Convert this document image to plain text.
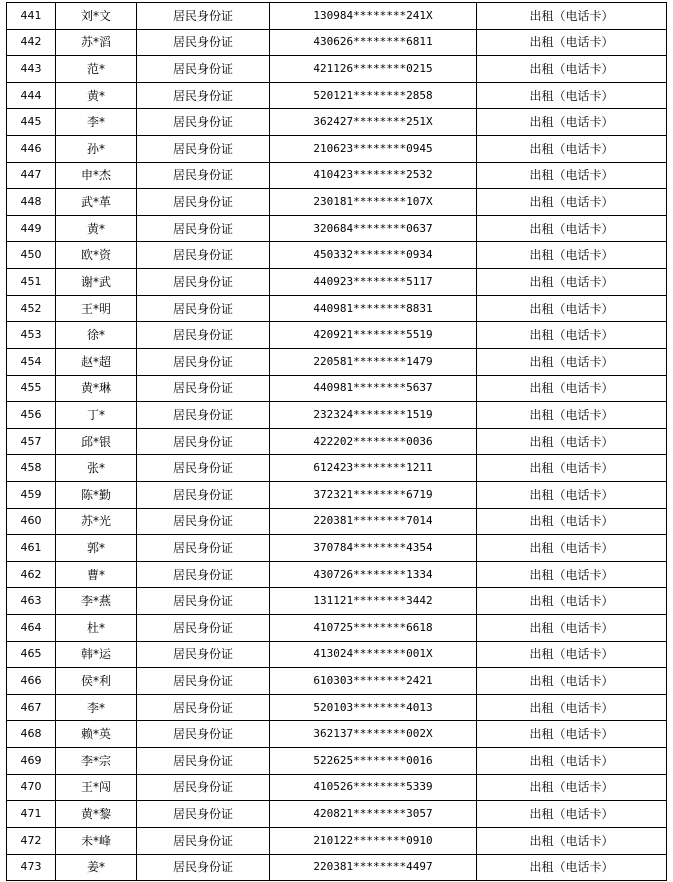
441	刘*文	居民身份证	130984********241X	出租（电话卡）
442	苏*滔	居民身份证	430626********6811	出租（电话卡）
443	范*	居民身份证	421126********0215	出租（电话卡）
444	黄*	居民身份证	520121********2858	出租（电话卡）
445	李*	居民身份证	362427********251X	出租（电话卡）
446	孙*	居民身份证	210623********0945	出租（电话卡）
447	申*杰	居民身份证	410423********2532	出租（电话卡）
448	武*革	居民身份证	230181********107X	出租（电话卡）
449	黄*	居民身份证	320684********0637	出租（电话卡）
450	欧*资	居民身份证	450332********0934	出租（电话卡）
451	谢*武	居民身份证	440923********5117	出租（电话卡）
452	王*明	居民身份证	440981********8831	出租（电话卡）
453	徐*	居民身份证	420921********5519	出租（电话卡）
454	赵*超	居民身份证	220581********1479	出租（电话卡）
455	黄*琳	居民身份证	440981********5637	出租（电话卡）
456	丁*	居民身份证	232324********1519	出租（电话卡）
457	邱*银	居民身份证	422202********0036	出租（电话卡）
458	张*	居民身份证	612423********1211	出租（电话卡）
459	陈*勤	居民身份证	372321********6719	出租（电话卡）
460	苏*光	居民身份证	220381********7014	出租（电话卡）
461	郭*	居民身份证	370784********4354	出租（电话卡）
462	曹*	居民身份证	430726********1334	出租（电话卡）
463	李*燕	居民身份证	131121********3442	出租（电话卡）
464	杜*	居民身份证	410725********6618	出租（电话卡）
465	韩*运	居民身份证	413024********001X	出租（电话卡）
466	侯*利	居民身份证	610303********2421	出租（电话卡）
467	李*	居民身份证	520103********4013	出租（电话卡）
468	赖*英	居民身份证	362137********002X	出租（电话卡）
469	李*宗	居民身份证	522625********0016	出租（电话卡）
470	王*闯	居民身份证	410526********5339	出租（电话卡）
471	黄*黎	居民身份证	420821********3057	出租（电话卡）
472	未*峰	居民身份证	210122********0910	出租（电话卡）
473	姜*	居民身份证	220381********4497	出租（电话卡）
